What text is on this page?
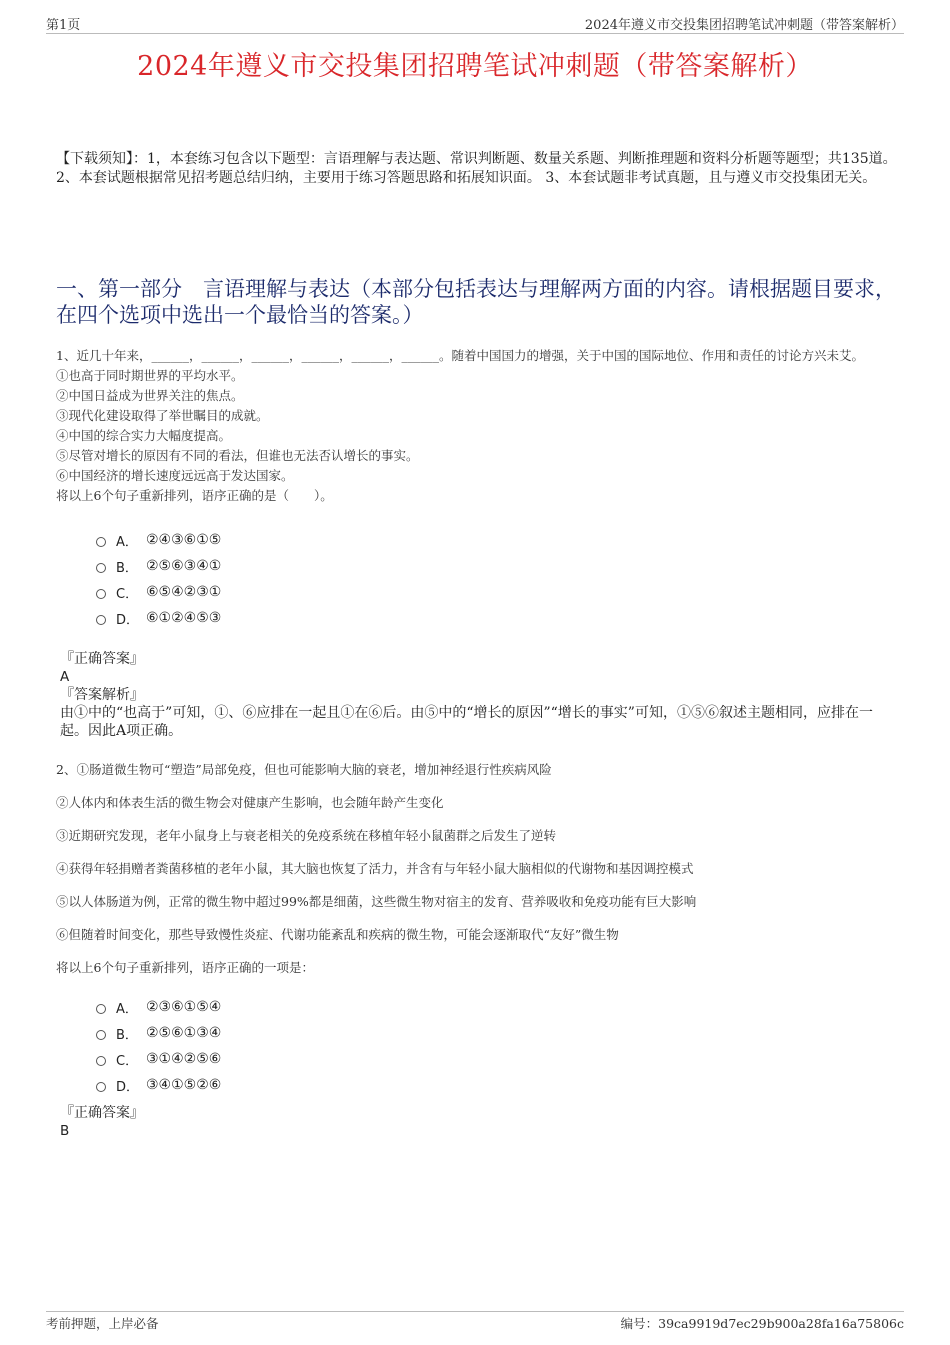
第1页	2024年遵义市交投集团招聘笔试冲刺题（带答案解析）
2024年遵义市交投集团招聘笔试冲刺题（带答案解析）
【下载须知】：1，本套练习包含以下题型：言语理解与表达题、常识判断题、数量关系题、判断推理题和资料分析题等题型；共135道。 2、本套试题根据常见招考题总结归纳，主要用于练习答题思路和拓展知识面。 3、本套试题非考试真题，且与遵义市交投集团无关。
一、第一部分　言语理解与表达（本部分包括表达与理解两方面的内容。请根据题目要求，在四个选项中选出一个最恰当的答案。）
1、近几十年来，______，______，______，______，______，______。随着中国国力的增强，关于中国的国际地位、作用和责任的讨论方兴未艾。
①也高于同时期世界的平均水平。
②中国日益成为世界关注的焦点。
③现代化建设取得了举世瞩目的成就。
④中国的综合实力大幅度提高。
⑤尽管对增长的原因有不同的看法，但谁也无法否认增长的事实。
⑥中国经济的增长速度远远高于发达国家。
将以上6个句子重新排列，语序正确的是（　　）。
A． ②④③⑥①⑤
B． ②⑤⑥③④①
C． ⑥⑤④②③①
D． ⑥①②④⑤③
『正确答案』
A
『答案解析』
由①中的“也高于”可知，①、⑥应排在一起且①在⑥后。由⑤中的“增长的原因”“增长的事实”可知，①⑤⑥叙述主题相同，应排在一起。因此A项正确。
2、①肠道微生物可“塑造”局部免疫，但也可能影响大脑的衰老，增加神经退行性疾病风险
②人体内和体表生活的微生物会对健康产生影响，也会随年龄产生变化
③近期研究发现，老年小鼠身上与衰老相关的免疫系统在移植年轻小鼠菌群之后发生了逆转
④获得年轻捐赠者粪菌移植的老年小鼠，其大脑也恢复了活力，并含有与年轻小鼠大脑相似的代谢物和基因调控模式
⑤以人体肠道为例，正常的微生物中超过99%都是细菌，这些微生物对宿主的发育、营养吸收和免疫功能有巨大影响
⑥但随着时间变化，那些导致慢性炎症、代谢功能紊乱和疾病的微生物，可能会逐渐取代“友好”微生物
将以上6个句子重新排列，语序正确的一项是：
A． ②③⑥①⑤④
B． ②⑤⑥①③④
C． ③①④②⑤⑥
D． ③④①⑤②⑥
『正确答案』
B
考前押题，上岸必备	编号：39ca9919d7ec29b900a28fa16a75806c
